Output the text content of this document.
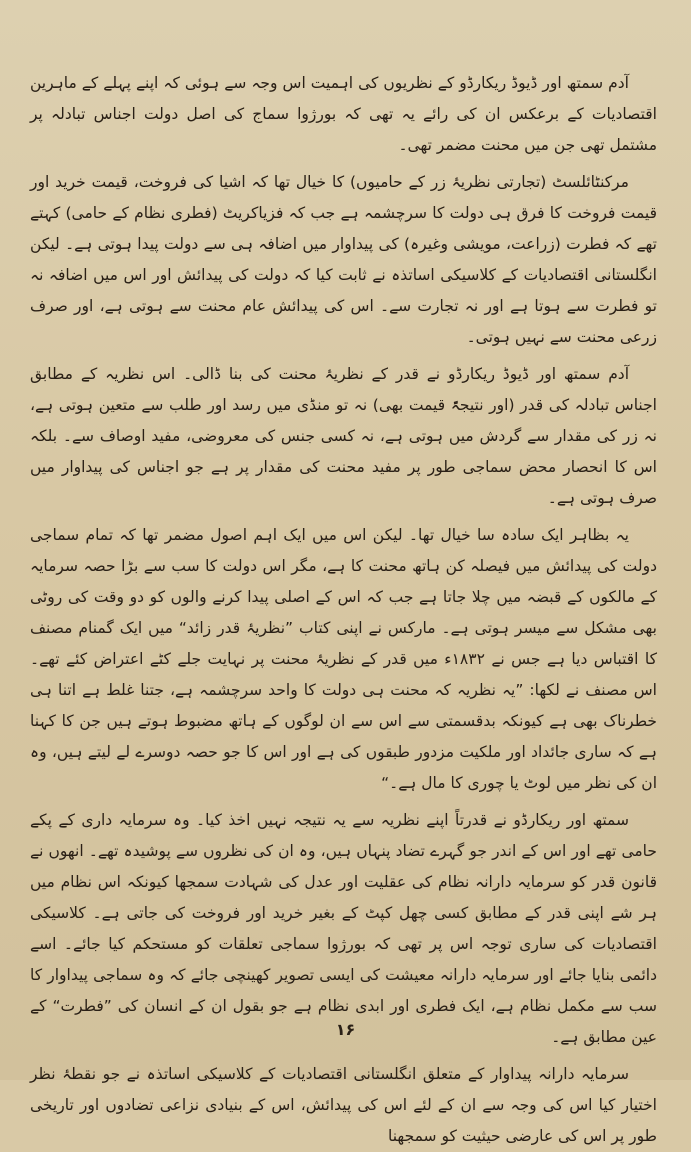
آدم سمتھ اور ڈیوڈ ریکارڈو کے نظریوں کی اہمیت اس وجہ سے ہوئی کہ اپنے پہلے کے ماہرین اقتصادیات کے برعکس ان کی رائے یہ تھی کہ بورژوا سماج کی اصل دولت اجناس تبادلہ پر مشتمل تھی جن میں محنت مضمر تھی۔

مرکنٹائلسٹ (تجارتی نظریۂ زر کے حامیوں) کا خیال تھا کہ اشیا کی فروخت، قیمت خرید اور قیمت فروخت کا فرق ہی دولت کا سرچشمہ ہے جب کہ فزیاکریٹ (فطری نظام کے حامی) کہتے تھے کہ فطرت (زراعت، مویشی وغیرہ) کی پیداوار میں اضافہ ہی سے دولت پیدا ہوتی ہے۔ لیکن انگلستانی اقتصادیات کے کلاسیکی اساتذہ نے ثابت کیا کہ دولت کی پیدائش اور اس میں اضافہ نہ تو فطرت سے ہوتا ہے اور نہ تجارت سے۔ اس کی پیدائش عام محنت سے ہوتی ہے، اور صرف زرعی محنت سے نہیں ہوتی۔

آدم سمتھ اور ڈیوڈ ریکارڈو نے قدر کے نظریۂ محنت کی بنا ڈالی۔ اس نظریہ کے مطابق اجناس تبادلہ کی قدر (اور نتیجۃً قیمت بھی) نہ تو منڈی میں رسد اور طلب سے متعین ہوتی ہے، نہ زر کی مقدار سے گردش میں ہوتی ہے، نہ کسی جنس کی معروضی، مفید اوصاف سے۔ بلکہ اس کا انحصار محض سماجی طور پر مفید محنت کی مقدار پر ہے جو اجناس کی پیداوار میں صرف ہوتی ہے۔

یہ بظاہر ایک سادہ سا خیال تھا۔ لیکن اس میں ایک اہم اصول مضمر تھا کہ تمام سماجی دولت کی پیدائش میں فیصلہ کن ہاتھ محنت کا ہے، مگر اس دولت کا سب سے بڑا حصہ سرمایہ کے مالکوں کے قبضہ میں چلا جاتا ہے جب کہ اس کے اصلی پیدا کرنے والوں کو دو وقت کی روٹی بھی مشکل سے میسر ہوتی ہے۔ مارکس نے اپنی کتاب ”نظریۂ قدر زائد“ میں ایک گمنام مصنف کا اقتباس دیا ہے جس نے ۱۸۳۲ء میں قدر کے نظریۂ محنت پر نہایت جلے کٹے اعتراض کئے تھے۔ اس مصنف نے لکھا: ”یہ نظریہ کہ محنت ہی دولت کا واحد سرچشمہ ہے، جتنا غلط ہے اتنا ہی خطرناک بھی ہے کیونکہ بدقسمتی سے اس سے ان لوگوں کے ہاتھ مضبوط ہوتے ہیں جن کا کہنا ہے کہ ساری جائداد اور ملکیت مزدور طبقوں کی ہے اور اس کا جو حصہ دوسرے لے لیتے ہیں، وہ ان کی نظر میں لوٹ یا چوری کا مال ہے۔“

سمتھ اور ریکارڈو نے قدرتاً اپنے نظریہ سے یہ نتیجہ نہیں اخذ کیا۔ وہ سرمایہ داری کے پکے حامی تھے اور اس کے اندر جو گہرے تضاد پنہاں ہیں، وہ ان کی نظروں سے پوشیدہ تھے۔ انھوں نے قانون قدر کو سرمایہ دارانہ نظام کی عقلیت اور عدل کی شہادت سمجھا کیونکہ اس نظام میں ہر شے اپنی قدر کے مطابق کسی چھل کپٹ کے بغیر خرید اور فروخت کی جاتی ہے۔ کلاسیکی اقتصادیات کی ساری توجہ اس پر تھی کہ بورژوا سماجی تعلقات کو مستحکم کیا جائے۔ اسے دائمی بنایا جائے اور سرمایہ دارانہ معیشت کی ایسی تصویر کھینچی جائے کہ وہ سماجی پیداوار کا سب سے مکمل نظام ہے، ایک فطری اور ابدی نظام ہے جو بقول ان کے انسان کی ”فطرت“ کے عین مطابق ہے۔

سرمایہ دارانہ پیداوار کے متعلق انگلستانی اقتصادیات کے کلاسیکی اساتذہ نے جو نقطۂ نظر اختیار کیا اس کی وجہ سے ان کے لئے اس کی پیدائش، اس کے بنیادی نزاعی تضادوں اور تاریخی طور پر اس کی عارضی حیثیت کو سمجھنا

۱۶
